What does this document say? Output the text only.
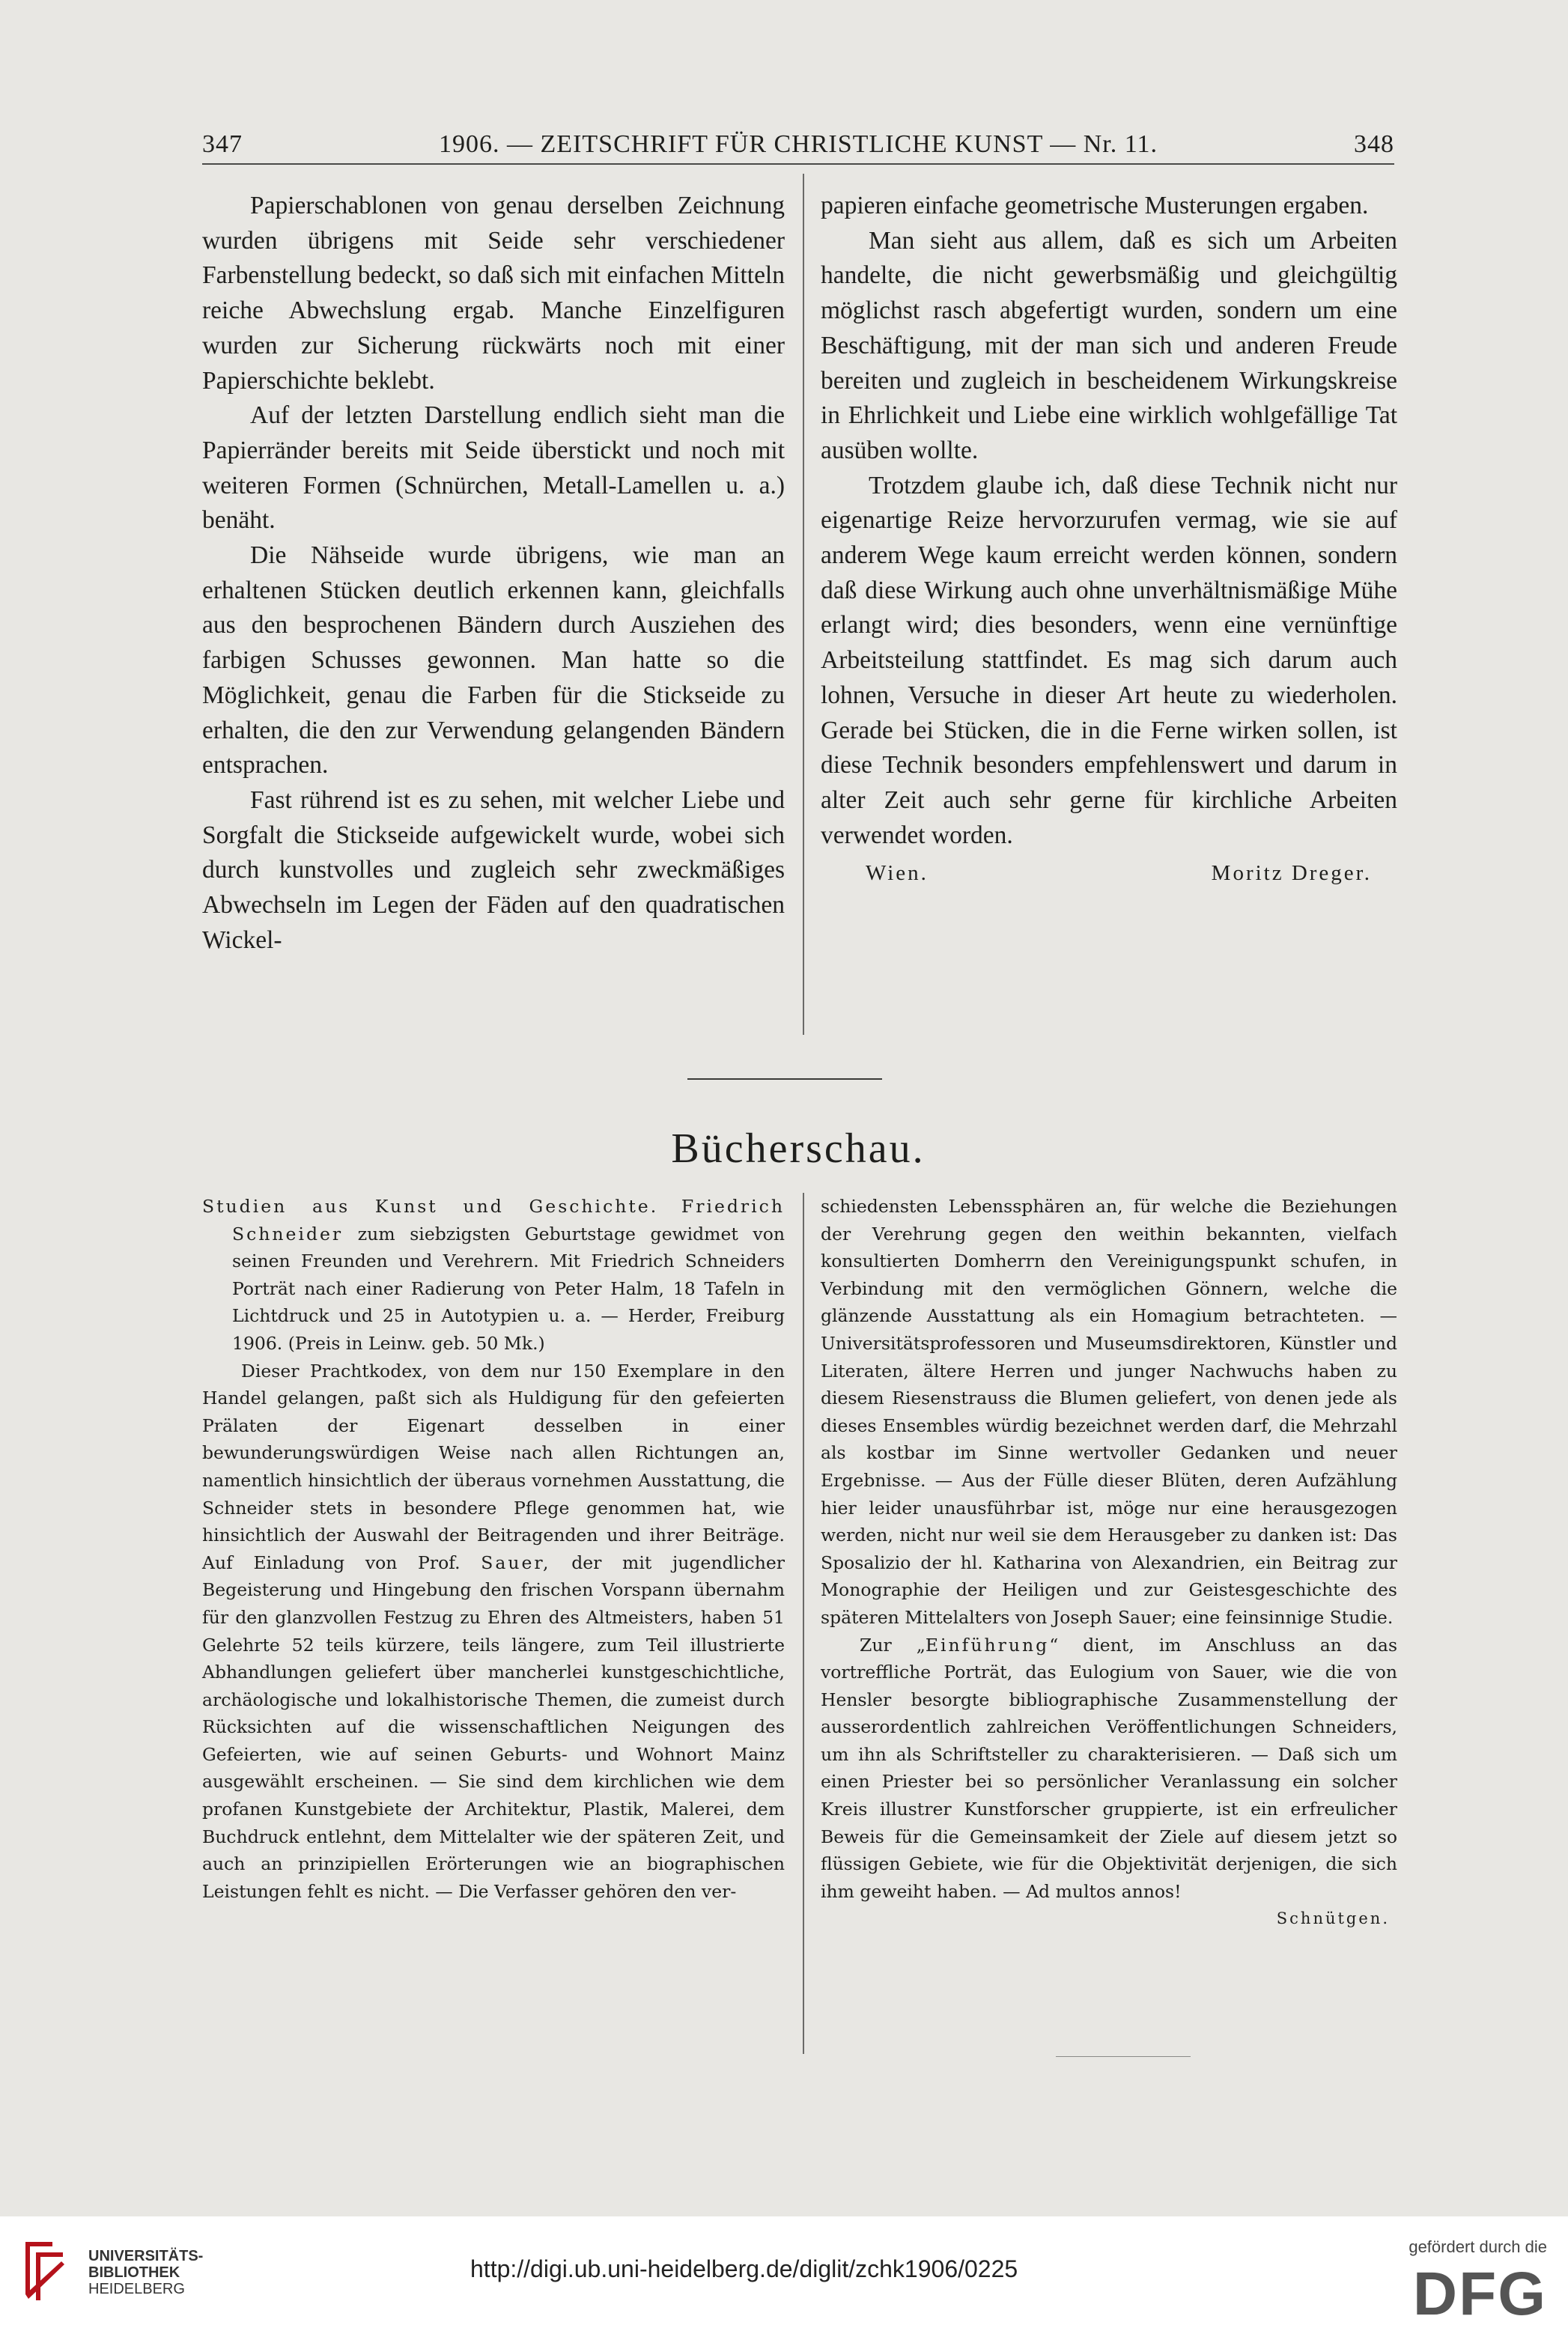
347	1906. — ZEITSCHRIFT FÜR CHRISTLICHE KUNST — Nr. 11.	348

Papierschablonen von genau derselben Zeichnung wurden übrigens mit Seide sehr verschiedener Farbenstellung bedeckt, so daß sich mit einfachen Mitteln reiche Abwechslung ergab. Manche Einzelfiguren wurden zur Sicherung rückwärts noch mit einer Papierschichte beklebt.

Auf der letzten Darstellung endlich sieht man die Papierränder bereits mit Seide überstickt und noch mit weiteren Formen (Schnürchen, Metall-Lamellen u. a.) benäht.

Die Nähseide wurde übrigens, wie man an erhaltenen Stücken deutlich erkennen kann, gleichfalls aus den besprochenen Bändern durch Ausziehen des farbigen Schusses gewonnen. Man hatte so die Möglichkeit, genau die Farben für die Stickseide zu erhalten, die den zur Verwendung gelangenden Bändern entsprachen.

Fast rührend ist es zu sehen, mit welcher Liebe und Sorgfalt die Stickseide aufgewickelt wurde, wobei sich durch kunstvolles und zugleich sehr zweckmäßiges Abwechseln im Legen der Fäden auf den quadratischen Wickel-

papieren einfache geometrische Musterungen ergaben.

Man sieht aus allem, daß es sich um Arbeiten handelte, die nicht gewerbsmäßig und gleichgültig möglichst rasch abgefertigt wurden, sondern um eine Beschäftigung, mit der man sich und anderen Freude bereiten und zugleich in bescheidenem Wirkungskreise in Ehrlichkeit und Liebe eine wirklich wohlgefällige Tat ausüben wollte.

Trotzdem glaube ich, daß diese Technik nicht nur eigenartige Reize hervorzurufen vermag, wie sie auf anderem Wege kaum erreicht werden können, sondern daß diese Wirkung auch ohne unverhältnismäßige Mühe erlangt wird; dies besonders, wenn eine vernünftige Arbeitsteilung stattfindet. Es mag sich darum auch lohnen, Versuche in dieser Art heute zu wiederholen. Gerade bei Stücken, die in die Ferne wirken sollen, ist diese Technik besonders empfehlenswert und darum in alter Zeit auch sehr gerne für kirchliche Arbeiten verwendet worden.

Wien.	Moritz Dreger.
Bücherschau.

Studien aus Kunst und Geschichte. Friedrich Schneider zum siebzigsten Geburtstage gewidmet von seinen Freunden und Verehrern. Mit Friedrich Schneiders Porträt nach einer Radierung von Peter Halm, 18 Tafeln in Lichtdruck und 25 in Autotypien u. a. — Herder, Freiburg 1906. (Preis in Leinw. geb. 50 Mk.)

Dieser Prachtkodex, von dem nur 150 Exemplare in den Handel gelangen, paßt sich als Huldigung für den gefeierten Prälaten der Eigenart desselben in einer bewunderungswürdigen Weise nach allen Richtungen an, namentlich hinsichtlich der überaus vornehmen Ausstattung, die Schneider stets in besondere Pflege genommen hat, wie hinsichtlich der Auswahl der Beitragenden und ihrer Beiträge. Auf Einladung von Prof. Sauer, der mit jugendlicher Begeisterung und Hingebung den frischen Vorspann übernahm für den glanzvollen Festzug zu Ehren des Altmeisters, haben 51 Gelehrte 52 teils kürzere, teils längere, zum Teil illustrierte Abhandlungen geliefert über mancherlei kunstgeschichtliche, archäologische und lokalhistorische Themen, die zumeist durch Rücksichten auf die wissenschaftlichen Neigungen des Gefeierten, wie auf seinen Geburts- und Wohnort Mainz ausgewählt erscheinen. — Sie sind dem kirchlichen wie dem profanen Kunstgebiete der Architektur, Plastik, Malerei, dem Buchdruck entlehnt, dem Mittelalter wie der späteren Zeit, und auch an prinzipiellen Erörterungen wie an biographischen Leistungen fehlt es nicht. — Die Verfasser gehören den ver-

schiedensten Lebenssphären an, für welche die Beziehungen der Verehrung gegen den weithin bekannten, vielfach konsultierten Domherrn den Vereinigungspunkt schufen, in Verbindung mit den vermöglichen Gönnern, welche die glänzende Ausstattung als ein Homagium betrachteten. — Universitätsprofessoren und Museumsdirektoren, Künstler und Literaten, ältere Herren und junger Nachwuchs haben zu diesem Riesenstrauss die Blumen geliefert, von denen jede als dieses Ensembles würdig bezeichnet werden darf, die Mehrzahl als kostbar im Sinne wertvoller Gedanken und neuer Ergebnisse. — Aus der Fülle dieser Blüten, deren Aufzählung hier leider unausführbar ist, möge nur eine herausgezogen werden, nicht nur weil sie dem Herausgeber zu danken ist: Das Sposalizio der hl. Katharina von Alexandrien, ein Beitrag zur Monographie der Heiligen und zur Geistesgeschichte des späteren Mittelalters von Joseph Sauer; eine feinsinnige Studie.

Zur „Einführung“ dient, im Anschluss an das vortreffliche Porträt, das Eulogium von Sauer, wie die von Hensler besorgte bibliographische Zusammenstellung der ausserordentlich zahlreichen Veröffentlichungen Schneiders, um ihn als Schriftsteller zu charakterisieren. — Daß sich um einen Priester bei so persönlicher Veranlassung ein solcher Kreis illustrer Kunstforscher gruppierte, ist ein erfreulicher Beweis für die Gemeinsamkeit der Ziele auf diesem jetzt so flüssigen Gebiete, wie für die Objektivität derjenigen, die sich ihm geweiht haben. — Ad multos annos!

Schnütgen.

UNIVERSITÄTS-
BIBLIOTHEK
HEIDELBERG
http://digi.ub.uni-heidelberg.de/diglit/zchk1906/0225
gefördert durch die
DFG
